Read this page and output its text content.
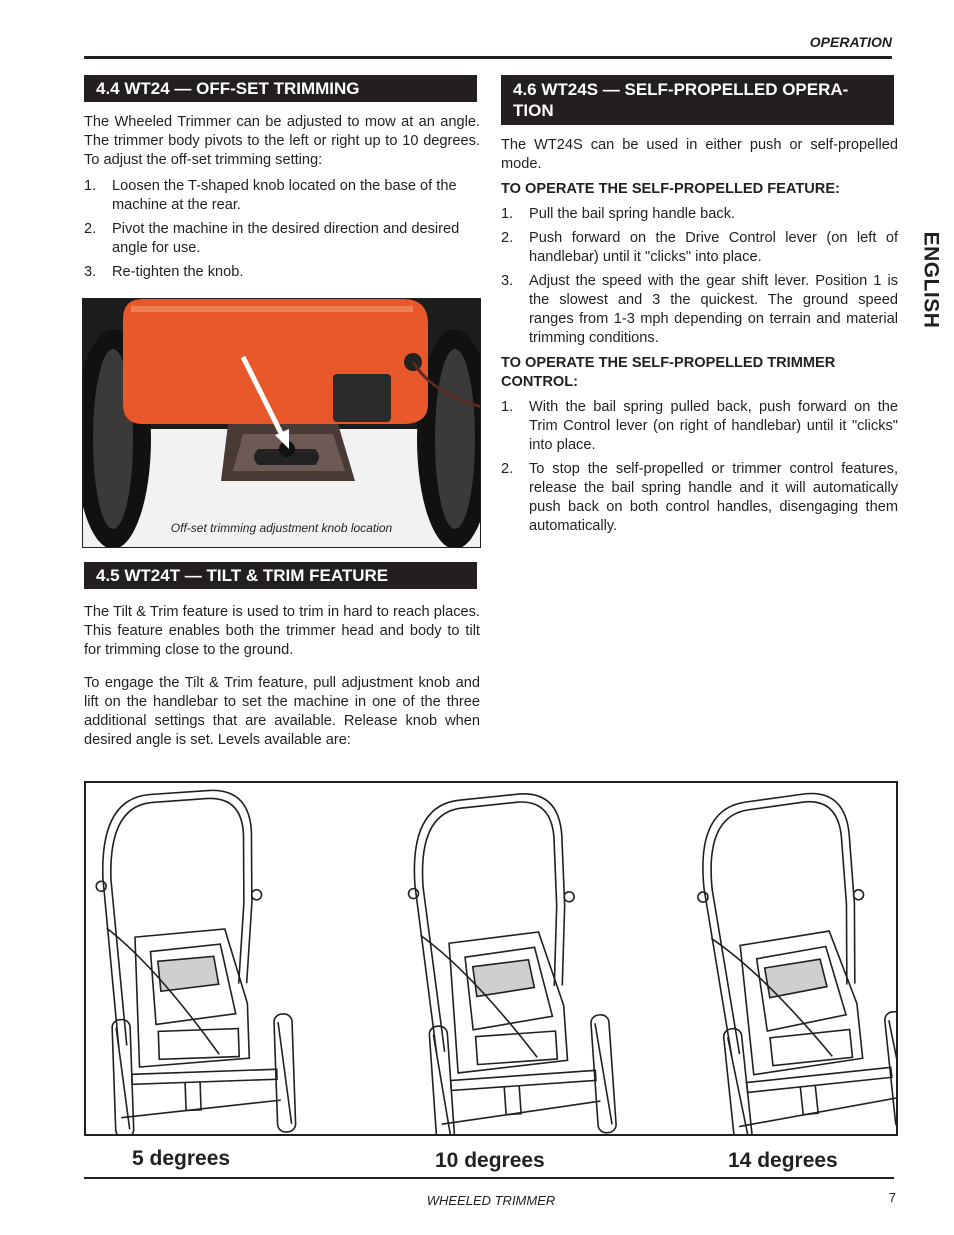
OPERATION
ENGLISH
4.4 WT24 — OFF-SET TRIMMING

The Wheeled Trimmer can be adjusted to mow at an angle. The trimmer body pivots to the left or right up to 10 degrees. To adjust the off-set trimming setting:

1. Loosen the T-shaped knob located on the base of the machine at the rear.
2. Pivot the machine in the desired direction and desired angle for use.
3. Re-tighten the knob.
Off-set trimming adjustment knob location
4.5 WT24T — TILT & TRIM FEATURE

The Tilt & Trim feature is used to trim in hard to reach places. This feature enables both the trimmer head and body to tilt for trimming close to the ground.

To engage the Tilt & Trim feature, pull adjustment knob and lift on the handlebar to set the machine in one of the three additional settings that are available. Release knob when desired angle is set. Levels available are:

4.6 WT24S — SELF-PROPELLED OPERA-
TION

The WT24S can be used in either push or self-propelled mode.

TO OPERATE THE SELF-PROPELLED FEATURE:
1. Pull the bail spring handle back.
2. Push forward on the Drive Control lever (on left of handlebar) until it "clicks" into place.
3. Adjust the speed with the gear shift lever. Position 1 is the slowest and 3 the quickest. The ground speed ranges from 1-3 mph depending on terrain and material trimming conditions.
TO OPERATE THE SELF-PROPELLED TRIMMER CONTROL:
1. With the bail spring pulled back, push forward on the Trim Control lever (on right of handlebar) until it "clicks" into place.
2. To stop the self-propelled or trimmer control features, release the bail spring handle and it will automatically push back on both control handles, disengaging them automatically.
5 degrees	10 degrees	14 degrees
WHEELED TRIMMER	7
